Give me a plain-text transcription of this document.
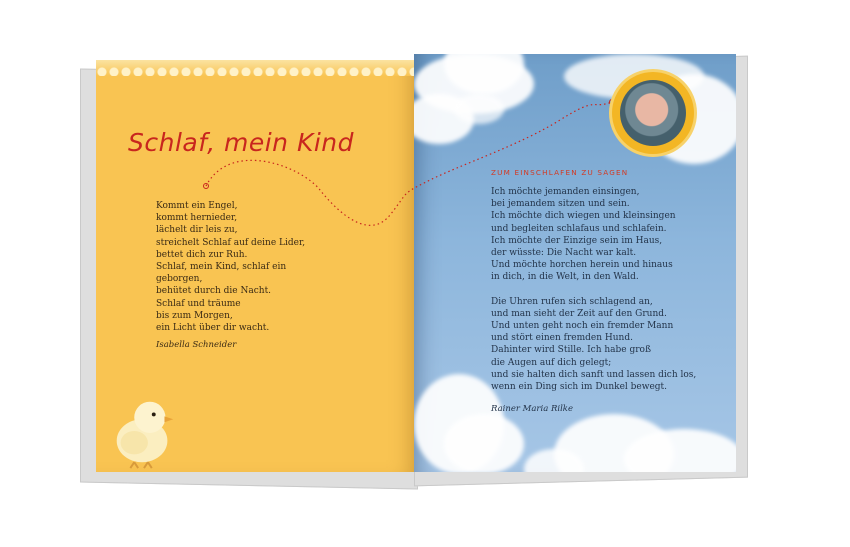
Schlaf, mein Kind
Kommt ein Engel,
kommt hernieder,
lächelt dir leis zu,
streichelt Schlaf auf deine Lider,
bettet dich zur Ruh.
Schlaf, mein Kind, schlaf ein
geborgen,
behütet durch die Nacht.
Schlaf und träume
bis zum Morgen,
ein Licht über dir wacht.
Isabella Schneider
ZUM EINSCHLAFEN ZU SAGEN
Ich möchte jemanden einsingen,
bei jemandem sitzen und sein.
Ich möchte dich wiegen und kleinsingen
und begleiten schlafaus und schlafein.
Ich möchte der Einzige sein im Haus,
der wüsste: Die Nacht war kalt.
Und möchte horchen herein und hinaus
in dich, in die Welt, in den Wald.
Die Uhren rufen sich schlagend an,
und man sieht der Zeit auf den Grund.
Und unten geht noch ein fremder Mann
und stört einen fremden Hund.
Dahinter wird Stille. Ich habe groß
die Augen auf dich gelegt;
und sie halten dich sanft und lassen dich los,
wenn ein Ding sich im Dunkel bewegt.
Rainer Maria Rilke
